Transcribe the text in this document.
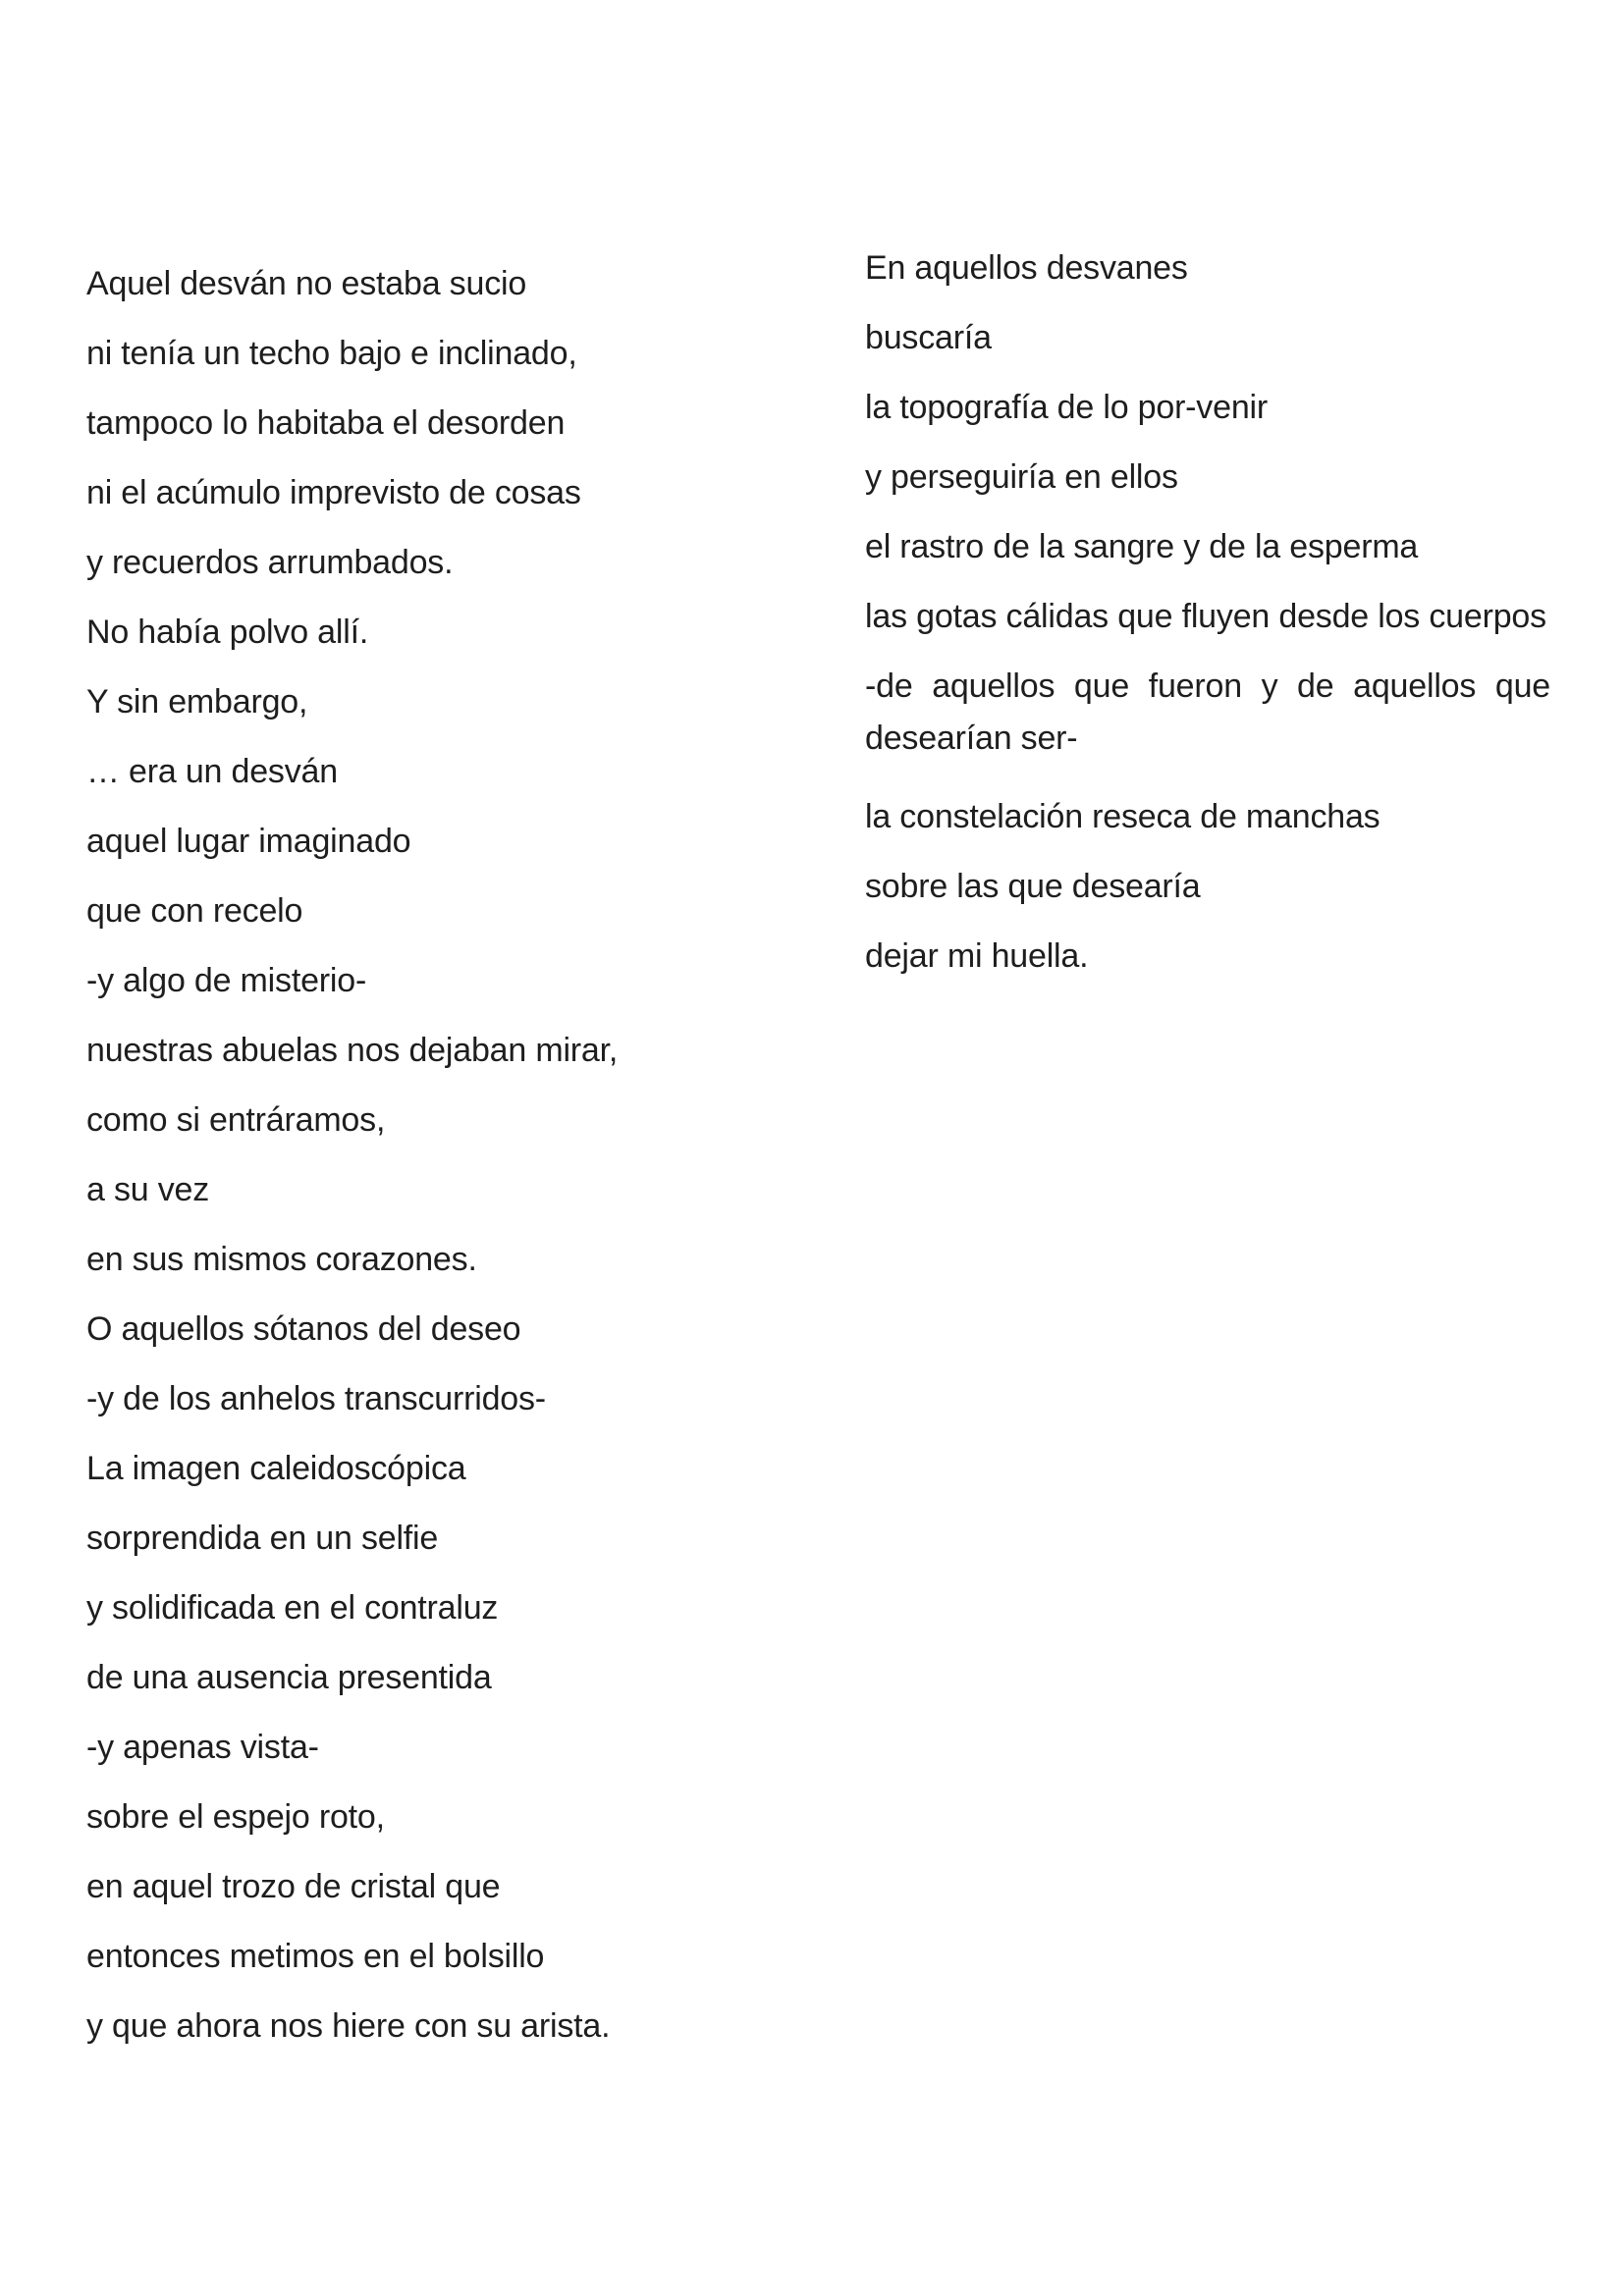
Aquel desván no estaba sucio
ni tenía un techo bajo e inclinado,
tampoco lo habitaba el desorden
ni el acúmulo imprevisto de cosas
y recuerdos arrumbados.
No había polvo allí.
Y sin embargo,
… era un desván
aquel lugar imaginado
que con recelo
-y algo de misterio-
nuestras abuelas nos dejaban mirar,
como si entráramos,
a su vez
en sus mismos corazones.
O aquellos sótanos del deseo
-y de los anhelos transcurridos-
La imagen caleidoscópica
sorprendida en un selfie
y solidificada en el contraluz
de una ausencia presentida
-y apenas vista-
sobre el espejo roto,
en aquel trozo de cristal que
entonces metimos en el bolsillo
y que ahora nos hiere con su arista.
En aquellos desvanes
buscaría
la topografía de lo por-venir
y perseguiría en ellos
el rastro de la sangre y de la esperma
las gotas cálidas que fluyen desde los cuerpos
-de aquellos que fueron y de aquellos que desearían ser-
la constelación reseca de manchas
sobre las que desearía
dejar mi huella.
